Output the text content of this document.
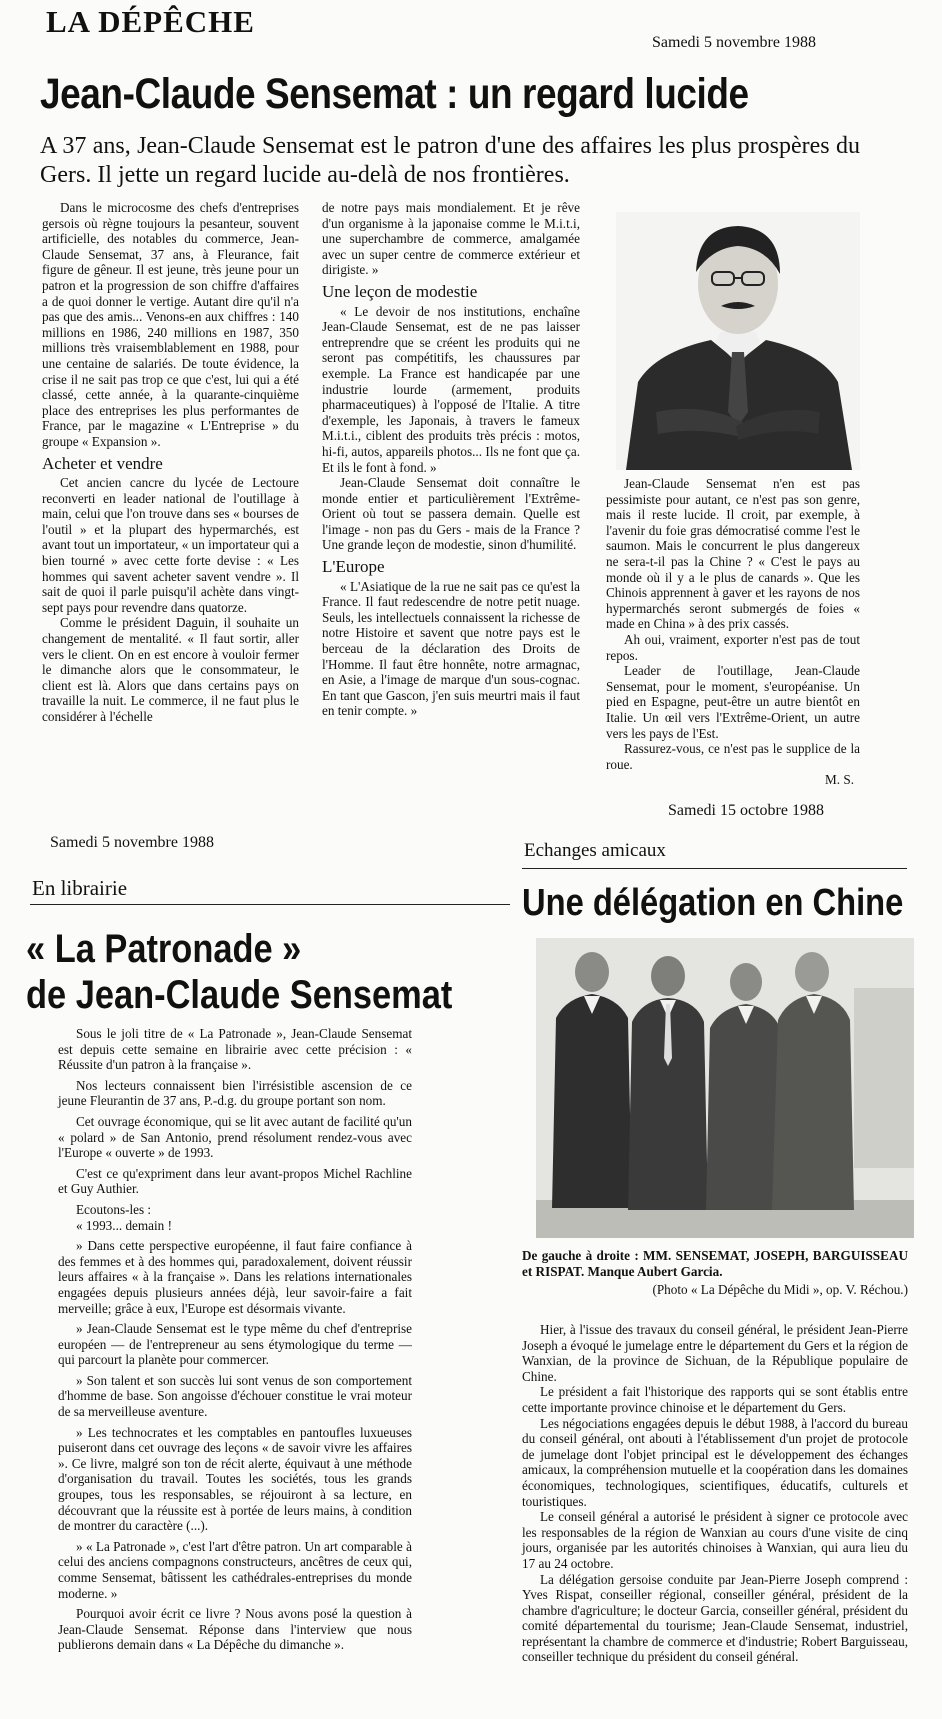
LA DÉPÊCHE
Samedi 5 novembre 1988

Jean-Claude Sensemat : un regard lucide
A 37 ans, Jean-Claude Sensemat est le patron d'une des affaires les plus prospères du Gers. Il jette un regard lucide au-delà de nos frontières.

Dans le microcosme des chefs d'entreprises gersois où règne toujours la pesanteur, souvent artificielle, des notables du commerce, Jean-Claude Sensemat, 37 ans, à Fleurance, fait figure de gêneur. Il est jeune, très jeune pour un patron et la progression de son chiffre d'affaires a de quoi donner le vertige. Autant dire qu'il n'a pas que des amis... Venons-en aux chiffres : 140 millions en 1986, 240 millions en 1987, 350 millions très vraisemblablement en 1988, pour une centaine de salariés. De toute évidence, la crise il ne sait pas trop ce que c'est, lui qui a été classé, cette année, à la quarante-cinquième place des entreprises les plus performantes de France, par le magazine « L'Entreprise » du groupe « Expansion ».

Acheter et vendre

Cet ancien cancre du lycée de Lectoure reconverti en leader national de l'outillage à main, celui que l'on trouve dans ses « bourses de l'outil » et la plupart des hypermarchés, est avant tout un importateur, « un importateur qui a bien tourné » avec cette forte devise : « Les hommes qui savent acheter savent vendre ». Il sait de quoi il parle puisqu'il achète dans vingt-sept pays pour revendre dans quatorze.

Comme le président Daguin, il souhaite un changement de mentalité. « Il faut sortir, aller vers le client. On en est encore à vouloir fermer le dimanche alors que le consommateur, le client est là. Alors que dans certains pays on travaille la nuit. Le commerce, il ne faut plus le considérer à l'échelle

de notre pays mais mondialement. Et je rêve d'un organisme à la japonaise comme le M.i.t.i, une superchambre de commerce, amalgamée avec un super centre de commerce extérieur et dirigiste. »

Une leçon de modestie

« Le devoir de nos institutions, enchaîne Jean-Claude Sensemat, est de ne pas laisser entreprendre que se créent les produits qui ne seront pas compétitifs, les chaussures par exemple. La France est handicapée par une industrie lourde (armement, produits pharmaceutiques) à l'opposé de l'Italie. A titre d'exemple, les Japonais, à travers le fameux M.i.t.i., ciblent des produits très précis : motos, hi-fi, autos, appareils photos... Ils ne font que ça. Et ils le font à fond. »

Jean-Claude Sensemat doit connaître le monde entier et particulièrement l'Extrême-Orient où tout se passera demain. Quelle est l'image - non pas du Gers - mais de la France ? Une grande leçon de modestie, sinon d'humilité.

L'Europe

« L'Asiatique de la rue ne sait pas ce qu'est la France. Il faut redescendre de notre petit nuage. Seuls, les intellectuels connaissent la richesse de notre Histoire et savent que notre pays est le berceau de la déclaration des Droits de l'Homme. Il faut être honnête, notre armagnac, en Asie, a l'image de marque d'un sous-cognac. En tant que Gascon, j'en suis meurtri mais il faut en tenir compte. »

Jean-Claude Sensemat n'en est pas pessimiste pour autant, ce n'est pas son genre, mais il reste lucide. Il croit, par exemple, à l'avenir du foie gras démocratisé comme l'est le saumon. Mais le concurrent le plus dangereux ne sera-t-il pas la Chine ? « C'est le pays au monde où il y a le plus de canards ». Que les Chinois apprennent à gaver et les rayons de nos hypermarchés seront submergés de foies « made en China » à des prix cassés.

Ah oui, vraiment, exporter n'est pas de tout repos.

Leader de l'outillage, Jean-Claude Sensemat, pour le moment, s'européanise. Un pied en Espagne, peut-être un autre bientôt en Italie. Un œil vers l'Extrême-Orient, un autre vers les pays de l'Est.

Rassurez-vous, ce n'est pas le supplice de la roue.

M. S.
Samedi 15 octobre 1988
Samedi 5 novembre 1988
En librairie
« La Patronade »
de Jean-Claude Sensemat

Sous le joli titre de « La Patronade », Jean-Claude Sensemat est depuis cette semaine en librairie avec cette précision : « Réussite d'un patron à la française ».

Nos lecteurs connaissent bien l'irrésistible ascension de ce jeune Fleurantin de 37 ans, P.-d.g. du groupe portant son nom.

Cet ouvrage économique, qui se lit avec autant de facilité qu'un « polard » de San Antonio, prend résolument rendez-vous avec l'Europe « ouverte » de 1993.

C'est ce qu'expriment dans leur avant-propos Michel Rachline et Guy Authier.

Ecoutons-les :

« 1993... demain !

» Dans cette perspective européenne, il faut faire confiance à des femmes et à des hommes qui, paradoxalement, doivent réussir leurs affaires « à la française ». Dans les relations internationales engagées depuis plusieurs années déjà, leur savoir-faire a fait merveille; grâce à eux, l'Europe est désormais vivante.

» Jean-Claude Sensemat est le type même du chef d'entreprise européen — de l'entrepreneur au sens étymologique du terme — qui parcourt la planète pour commercer.

» Son talent et son succès lui sont venus de son comportement d'homme de base. Son angoisse d'échouer constitue le vrai moteur de sa merveilleuse aventure.

» Les technocrates et les comptables en pantoufles luxueuses puiseront dans cet ouvrage des leçons « de savoir vivre les affaires ». Ce livre, malgré son ton de récit alerte, équivaut à une méthode d'organisation du travail. Toutes les sociétés, tous les grands groupes, tous les responsables, se réjouiront à sa lecture, en découvrant que la réussite est à portée de leurs mains, à condition de montrer du caractère (...).

» « La Patronade », c'est l'art d'être patron. Un art comparable à celui des anciens compagnons constructeurs, ancêtres de ceux qui, comme Sensemat, bâtissent les cathédrales-entreprises du monde moderne. »

Pourquoi avoir écrit ce livre ? Nous avons posé la question à Jean-Claude Sensemat. Réponse dans l'interview que nous publierons demain dans « La Dépêche du dimanche ».

Echanges amicaux
Une délégation en Chine
De gauche à droite : MM. SENSEMAT, JOSEPH, BARGUISSEAU et RISPAT. Manque Aubert Garcia.
(Photo « La Dépêche du Midi », op. V. Réchou.)

Hier, à l'issue des travaux du conseil général, le président Jean-Pierre Joseph a évoqué le jumelage entre le département du Gers et la région de Wanxian, de la province de Sichuan, de la République populaire de Chine.

Le président a fait l'historique des rapports qui se sont établis entre cette importante province chinoise et le département du Gers.

Les négociations engagées depuis le début 1988, à l'accord du bureau du conseil général, ont abouti à l'établissement d'un projet de protocole de jumelage dont l'objet principal est le développement des échanges amicaux, la compréhension mutuelle et la coopération dans les domaines économiques, technologiques, scientifiques, éducatifs, culturels et touristiques.

Le conseil général a autorisé le président à signer ce protocole avec les responsables de la région de Wanxian au cours d'une visite de cinq jours, organisée par les autorités chinoises à Wanxian, qui aura lieu du 17 au 24 octobre.

La délégation gersoise conduite par Jean-Pierre Joseph comprend : Yves Rispat, conseiller régional, conseiller général, président de la chambre d'agriculture; le docteur Garcia, conseiller général, président du comité départemental du tourisme; Jean-Claude Sensemat, industriel, représentant la chambre de commerce et d'industrie; Robert Barguisseau, conseiller technique du président du conseil général.
